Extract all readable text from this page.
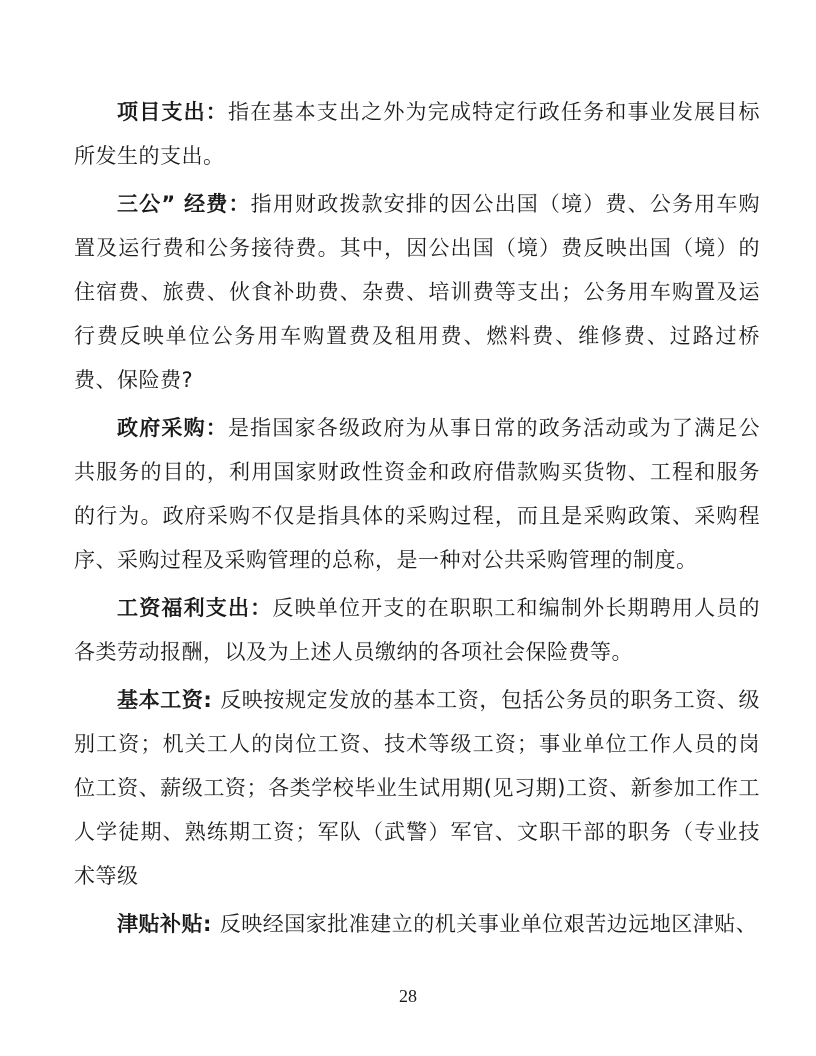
项目支出：指在基本支出之外为完成特定行政任务和事业发展目标所发生的支出。

三公” 经费：指用财政拨款安排的因公出国（境）费、公务用车购置及运行费和公务接待费。其中，因公出国（境）费反映出国（境）的住宿费、旅费、伙食补助费、杂费、培训费等支出；公务用车购置及运行费反映单位公务用车购置费及租用费、燃料费、维修费、过路过桥费、保险费?

政府采购：是指国家各级政府为从事日常的政务活动或为了满足公共服务的目的，利用国家财政性资金和政府借款购买货物、工程和服务的行为。政府采购不仅是指具体的采购过程，而且是采购政策、采购程序、采购过程及采购管理的总称，是一种对公共采购管理的制度。

工资福利支出：反映单位开支的在职职工和编制外长期聘用人员的各类劳动报酬，以及为上述人员缴纳的各项社会保险费等。

基本工资: 反映按规定发放的基本工资，包括公务员的职务工资、级别工资；机关工人的岗位工资、技术等级工资；事业单位工作人员的岗位工资、薪级工资；各类学校毕业生试用期(见习期)工资、新参加工作工人学徒期、熟练期工资；军队（武警）军官、文职干部的职务（专业技术等级

津贴补贴: 反映经国家批准建立的机关事业单位艰苦边远地区津贴、

28
